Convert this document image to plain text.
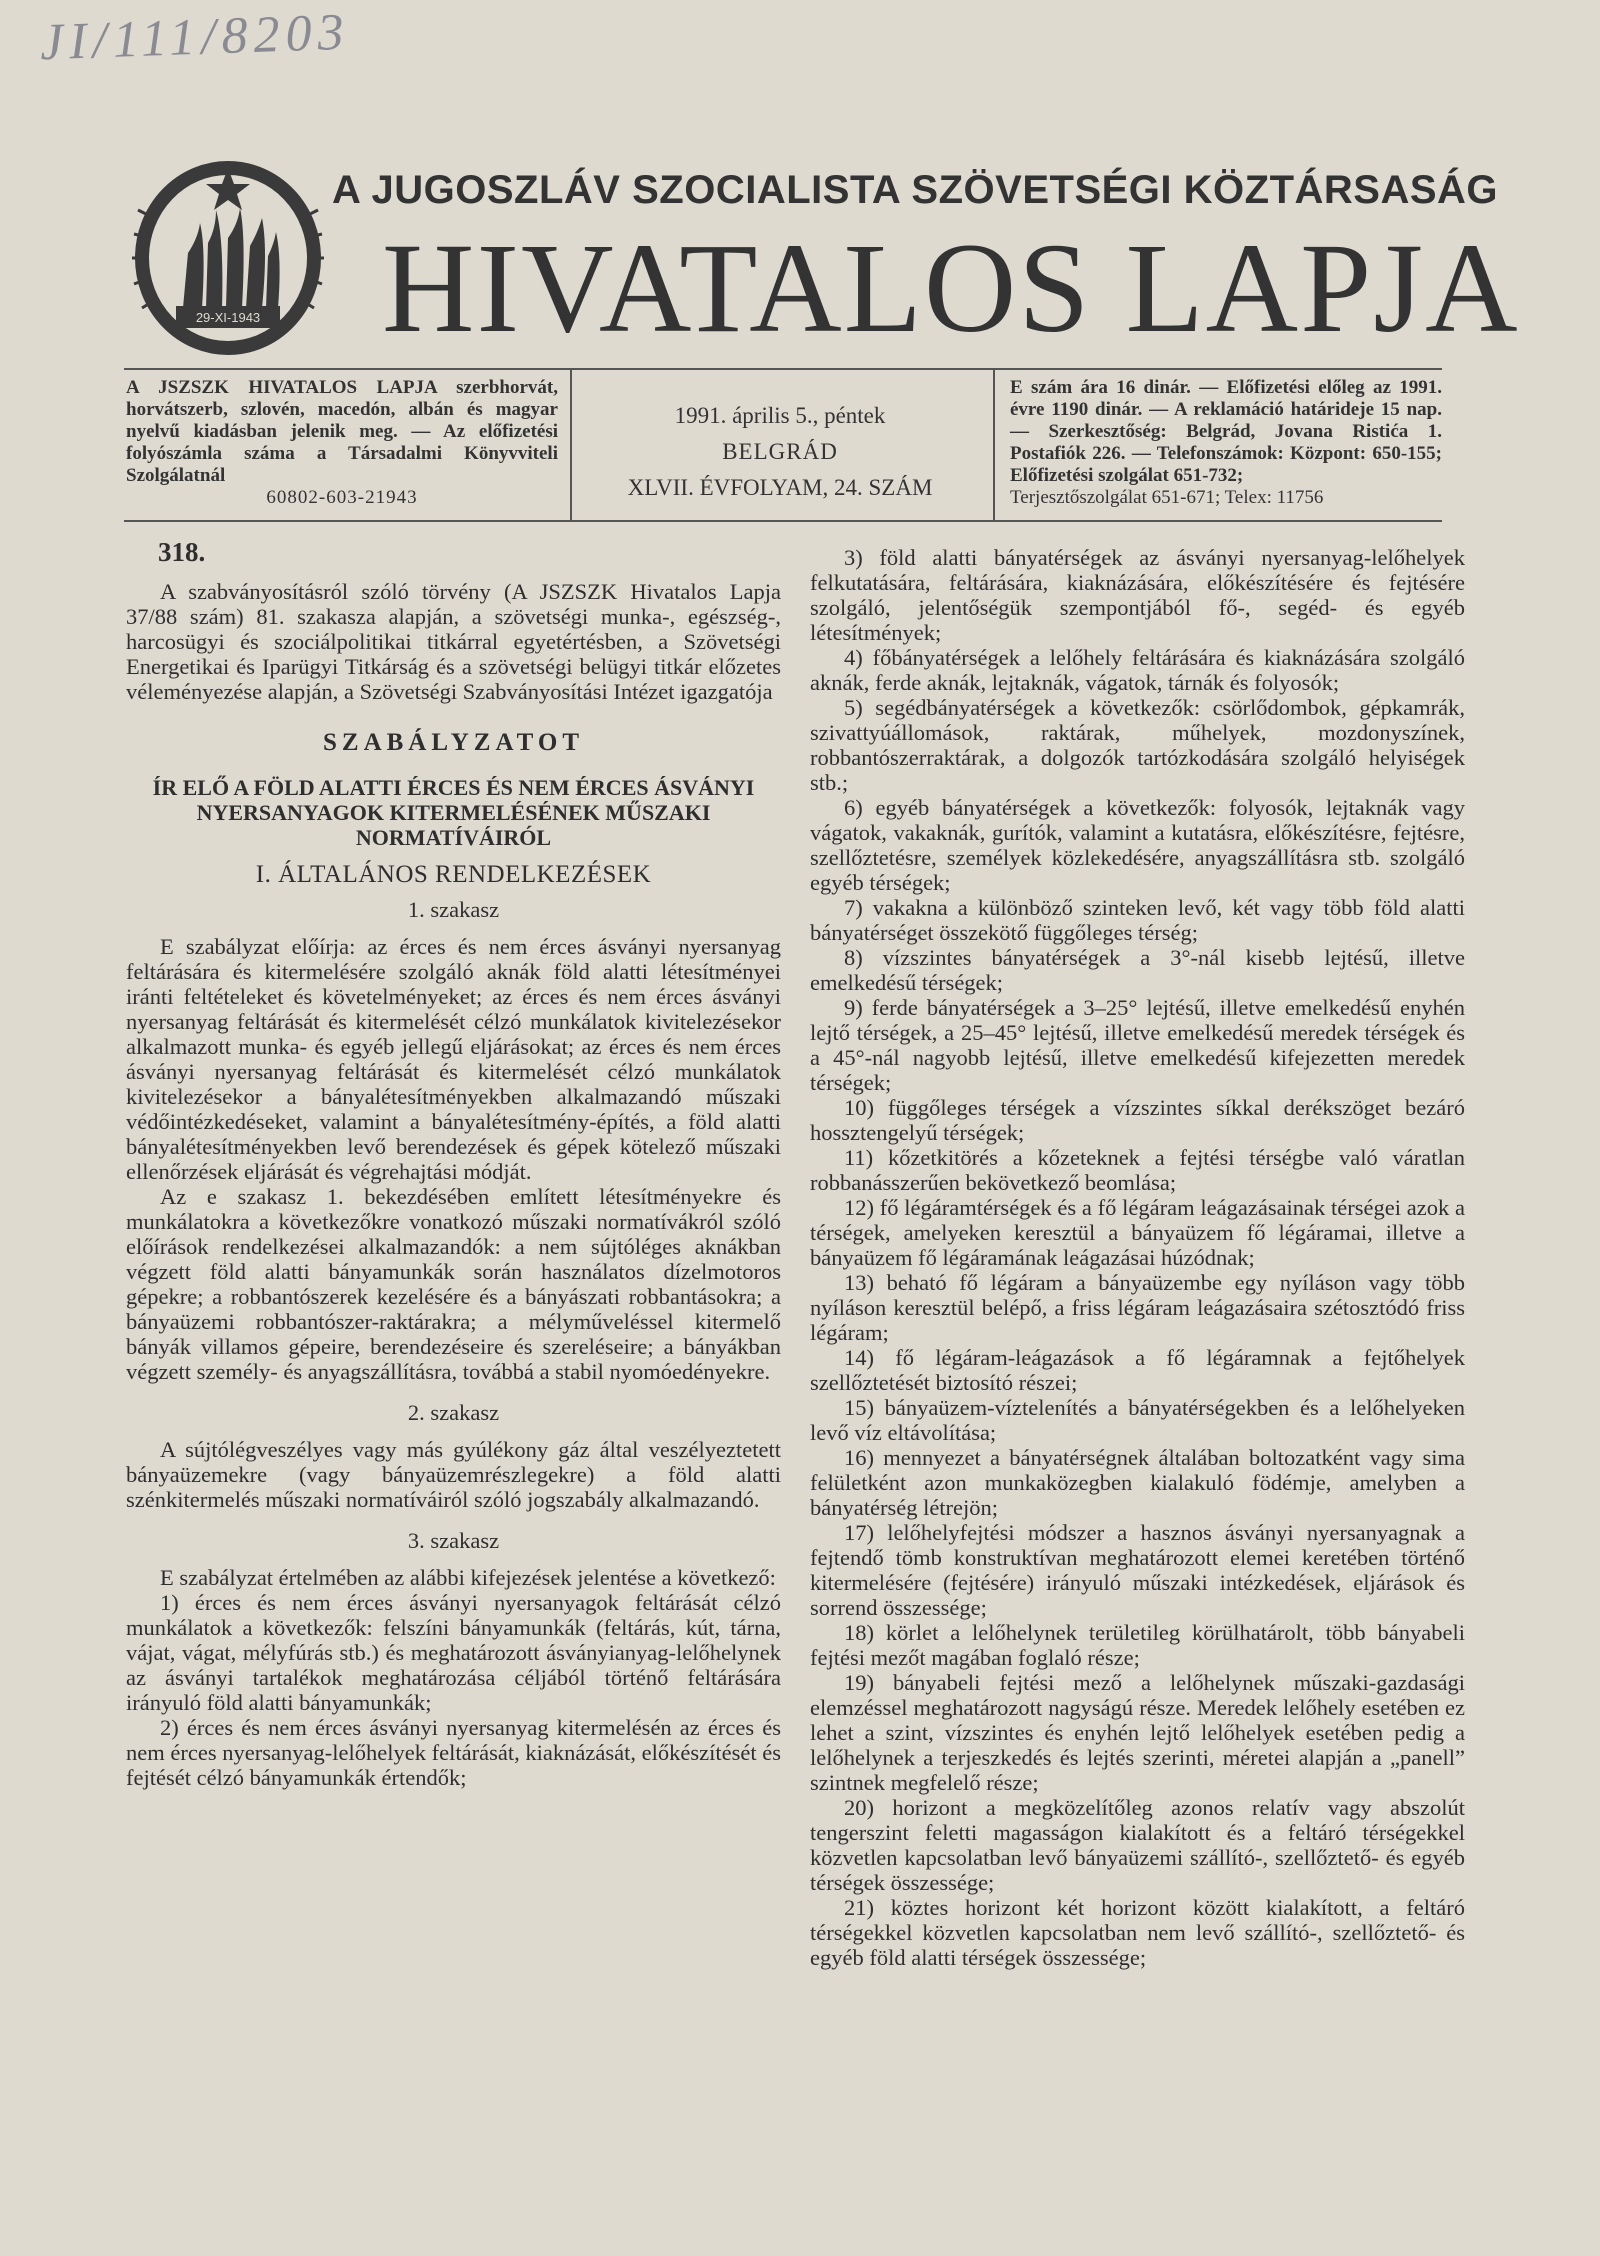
JI/111/8203
29-XI-1943
A JUGOSZLÁV SZOCIALISTA SZÖVETSÉGI KÖZTÁRSASÁG
HIVATALOS LAPJA
A JSZSZK HIVATALOS LAPJA szerbhorvát, horvátszerb, szlovén, macedón, albán és magyar nyelvű kiadásban jelenik meg. — Az előfizetési folyószámla száma a Társadalmi Könyvviteli Szolgálatnál
60802-603-21943
1991. április 5., péntek
BELGRÁD
XLVII. ÉVFOLYAM, 24. SZÁM
E szám ára 16 dinár. — Előfizetési előleg az 1991. évre 1190 dinár. — A reklamáció határideje 15 nap. — Szerkesztőség: Belgrád, Jovana Ristića 1. Postafiók 226. — Telefonszámok: Központ: 650-155; Előfizetési szolgálat 651-732;
Terjesztőszolgálat 651-671; Telex: 11756
318.

A szabványosításról szóló törvény (A JSZSZK Hivatalos Lapja 37/88 szám) 81. szakasza alapján, a szövetségi munka-, egészség-, harcosügyi és szociálpolitikai titkárral egyetértésben, a Szövetségi Energetikai és Iparügyi Titkárság és a szövetségi belügyi titkár előzetes véleményezése alapján, a Szövetségi Szabványosítási Intézet igazgatója

SZABÁLYZATOT
ÍR ELŐ A FÖLD ALATTI ÉRCES ÉS NEM ÉRCES ÁSVÁNYI NYERSANYAGOK KITERMELÉSÉNEK MŰSZAKI NORMATÍVÁIRÓL
I. ÁLTALÁNOS RENDELKEZÉSEK
1. szakasz

E szabályzat előírja: az érces és nem érces ásványi nyersanyag feltárására és kitermelésére szolgáló aknák föld alatti létesítményei iránti feltételeket és követelményeket; az érces és nem érces ásványi nyersanyag feltárását és kitermelését célzó munkálatok kivitelezésekor alkalmazott munka- és egyéb jellegű eljárásokat; az érces és nem érces ásványi nyersanyag feltárását és kitermelését célzó munkálatok kivitelezésekor a bányalétesítményekben alkalmazandó műszaki védőintézkedéseket, valamint a bányalétesítmény-építés, a föld alatti bányalétesítményekben levő berendezések és gépek kötelező műszaki ellenőrzések eljárását és végrehajtási módját.

Az e szakasz 1. bekezdésében említett létesítményekre és munkálatokra a következőkre vonatkozó műszaki normatívákról szóló előírások rendelkezései alkalmazandók: a nem sújtóléges aknákban végzett föld alatti bányamunkák során használatos dízelmotoros gépekre; a robbantószerek kezelésére és a bányászati robbantásokra; a bányaüzemi robbantószer-raktárakra; a mélyműveléssel kitermelő bányák villamos gépeire, berendezéseire és szereléseire; a bányákban végzett személy- és anyagszállításra, továbbá a stabil nyomóedényekre.

2. szakasz

A sújtólégveszélyes vagy más gyúlékony gáz által veszélyeztetett bányaüzemekre (vagy bányaüzemrészlegekre) a föld alatti szénkitermelés műszaki normatíváiról szóló jogszabály alkalmazandó.

3. szakasz

E szabályzat értelmében az alábbi kifejezések jelentése a következő:

1) érces és nem érces ásványi nyersanyagok feltárását célzó munkálatok a következők: felszíni bányamunkák (feltárás, kút, tárna, vájat, vágat, mélyfúrás stb.) és meghatározott ásványianyag-lelőhelynek az ásványi tartalékok meghatározása céljából történő feltárására irányuló föld alatti bányamunkák;

2) érces és nem érces ásványi nyersanyag kitermelésén az érces és nem érces nyersanyag-lelőhelyek feltárását, kiaknázását, előkészítését és fejtését célzó bányamunkák értendők;

3) föld alatti bányatérségek az ásványi nyersanyag-lelőhelyek felkutatására, feltárására, kiaknázására, előkészítésére és fejtésére szolgáló, jelentőségük szempontjából fő-, segéd- és egyéb létesítmények;

4) főbányatérségek a lelőhely feltárására és kiaknázására szolgáló aknák, ferde aknák, lejtaknák, vágatok, tárnák és folyosók;

5) segédbányatérségek a következők: csörlődombok, gépkamrák, szivattyúállomások, raktárak, műhelyek, mozdonyszínek, robbantószerraktárak, a dolgozók tartózkodására szolgáló helyiségek stb.;

6) egyéb bányatérségek a következők: folyosók, lejtaknák vagy vágatok, vakaknák, gurítók, valamint a kutatásra, előkészítésre, fejtésre, szellőztetésre, személyek közlekedésére, anyagszállításra stb. szolgáló egyéb térségek;

7) vakakna a különböző szinteken levő, két vagy több föld alatti bányatérséget összekötő függőleges térség;

8) vízszintes bányatérségek a 3°-nál kisebb lejtésű, illetve emelkedésű térségek;

9) ferde bányatérségek a 3–25° lejtésű, illetve emelkedésű enyhén lejtő térségek, a 25–45° lejtésű, illetve emelkedésű meredek térségek és a 45°-nál nagyobb lejtésű, illetve emelkedésű kifejezetten meredek térségek;

10) függőleges térségek a vízszintes síkkal derékszöget bezáró hossztengelyű térségek;

11) kőzetkitörés a kőzeteknek a fejtési térségbe való váratlan robbanásszerűen bekövetkező beomlása;

12) fő légáramtérségek és a fő légáram leágazásainak térségei azok a térségek, amelyeken keresztül a bányaüzem fő légáramai, illetve a bányaüzem fő légáramának leágazásai húzódnak;

13) beható fő légáram a bányaüzembe egy nyíláson vagy több nyíláson keresztül belépő, a friss légáram leágazásaira szétosztódó friss légáram;

14) fő légáram-leágazások a fő légáramnak a fejtőhelyek szellőztetését biztosító részei;

15) bányaüzem-víztelenítés a bányatérségekben és a lelőhelyeken levő víz eltávolítása;

16) mennyezet a bányatérségnek általában boltozatként vagy sima felületként azon munkaközegben kialakuló födémje, amelyben a bányatérség létrejön;

17) lelőhelyfejtési módszer a hasznos ásványi nyersanyagnak a fejtendő tömb konstruktívan meghatározott elemei keretében történő kitermelésére (fejtésére) irányuló műszaki intézkedések, eljárások és sorrend összessége;

18) körlet a lelőhelynek területileg körülhatárolt, több bányabeli fejtési mezőt magában foglaló része;

19) bányabeli fejtési mező a lelőhelynek műszaki-gazdasági elemzéssel meghatározott nagyságú része. Meredek lelőhely esetében ez lehet a szint, vízszintes és enyhén lejtő lelőhelyek esetében pedig a lelőhelynek a terjeszkedés és lejtés szerinti, méretei alapján a „panell” szintnek megfelelő része;

20) horizont a megközelítőleg azonos relatív vagy abszolút tengerszint feletti magasságon kialakított és a feltáró térségekkel közvetlen kapcsolatban levő bányaüzemi szállító-, szellőztető- és egyéb térségek összessége;

21) köztes horizont két horizont között kialakított, a feltáró térségekkel közvetlen kapcsolatban nem levő szállító-, szellőztető- és egyéb föld alatti térségek összessége;
